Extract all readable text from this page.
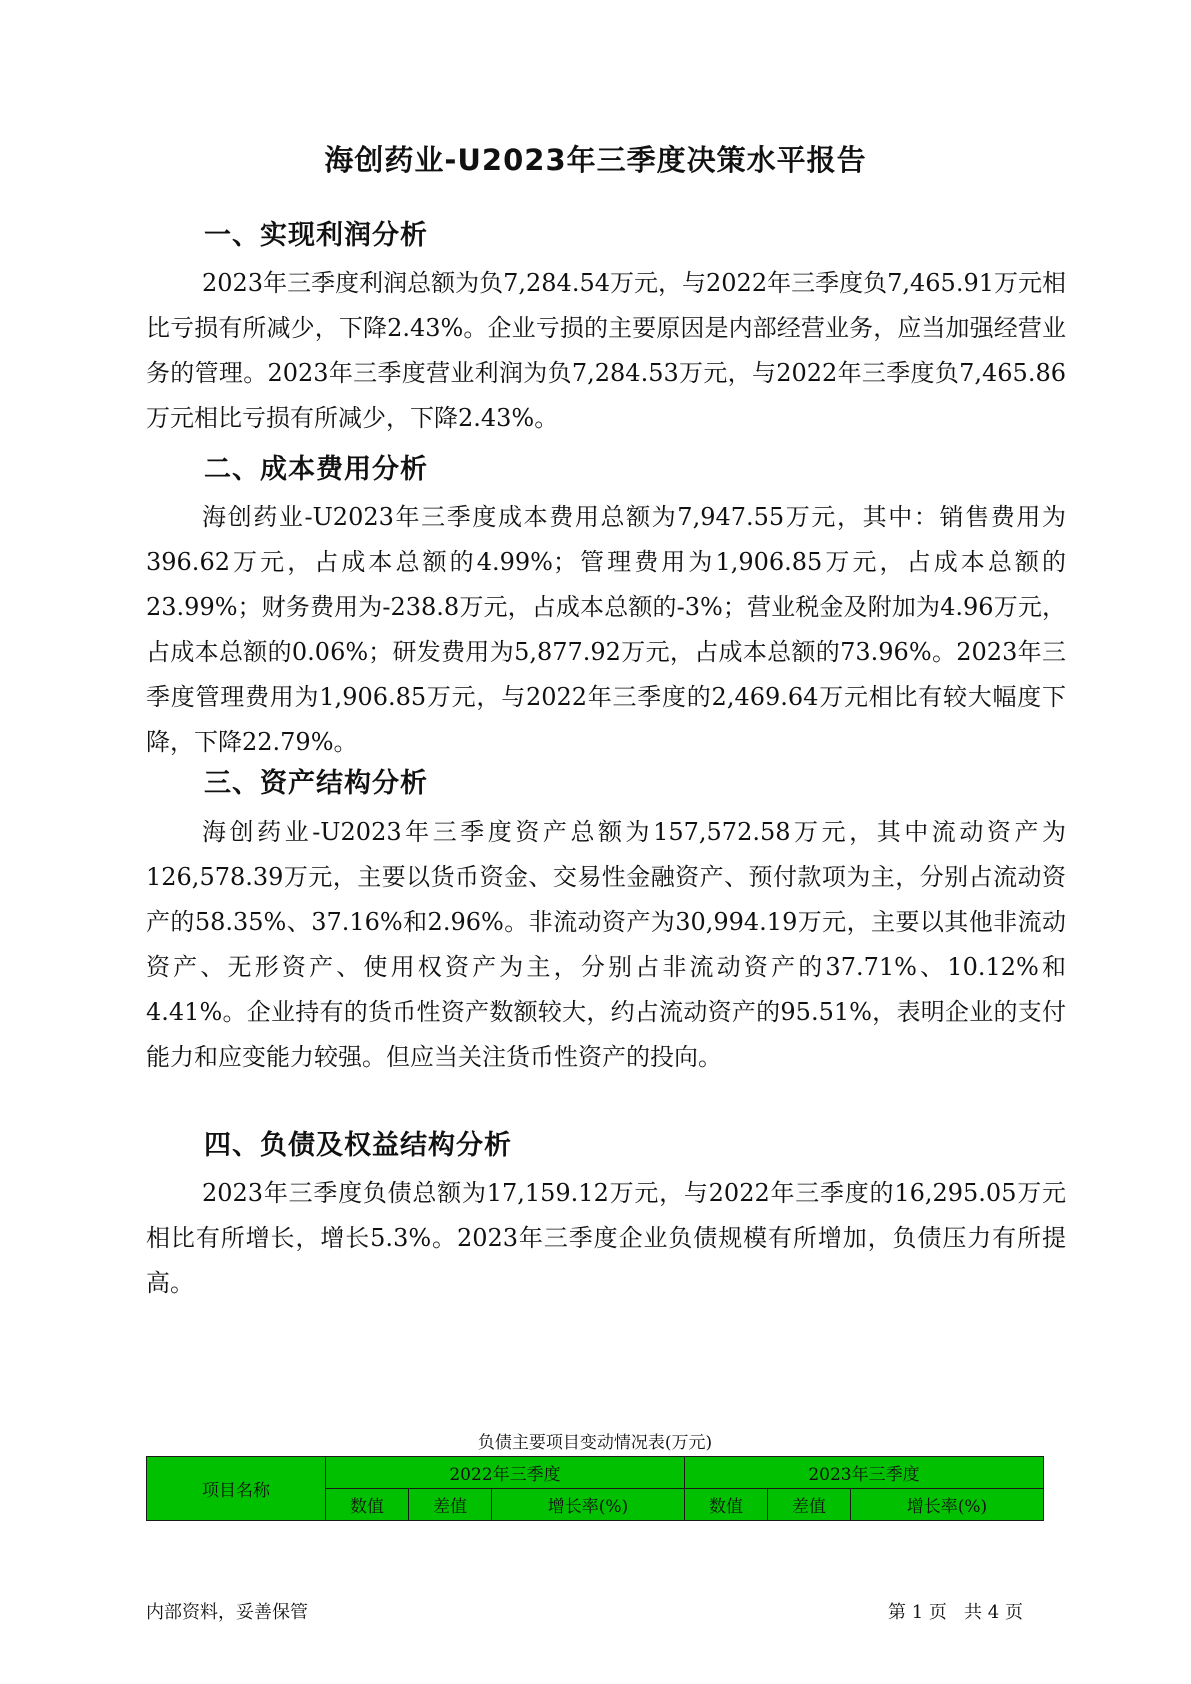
海创药业-U2023年三季度决策水平报告
一、实现利润分析
2023年三季度利润总额为负7,284.54万元，与2022年三季度负7,465.91万元相比亏损有所减少，下降2.43%。企业亏损的主要原因是内部经营业务，应当加强经营业务的管理。2023年三季度营业利润为负7,284.53万元，与2022年三季度负7,465.86万元相比亏损有所减少，下降2.43%。
二、成本费用分析
海创药业-U2023年三季度成本费用总额为7,947.55万元，其中：销售费用为396.62万元，占成本总额的4.99%；管理费用为1,906.85万元，占成本总额的23.99%；财务费用为-238.8万元，占成本总额的-3%；营业税金及附加为4.96万元，占成本总额的0.06%；研发费用为5,877.92万元，占成本总额的73.96%。2023年三季度管理费用为1,906.85万元，与2022年三季度的2,469.64万元相比有较大幅度下降，下降22.79%。
三、资产结构分析
海创药业-U2023年三季度资产总额为157,572.58万元，其中流动资产为126,578.39万元，主要以货币资金、交易性金融资产、预付款项为主，分别占流动资产的58.35%、37.16%和2.96%。非流动资产为30,994.19万元，主要以其他非流动资产、无形资产、使用权资产为主，分别占非流动资产的37.71%、10.12%和4.41%。企业持有的货币性资产数额较大，约占流动资产的95.51%，表明企业的支付能力和应变能力较强。但应当关注货币性资产的投向。
四、负债及权益结构分析
2023年三季度负债总额为17,159.12万元，与2022年三季度的16,295.05万元相比有所增长，增长5.3%。2023年三季度企业负债规模有所增加，负债压力有所提高。
负债主要项目变动情况表(万元)
项目名称	2022年三季度			2023年三季度		
	数值	差值	增长率(%)	数值	差值	增长率(%)
内部资料，妥善保管	第 1 页   共 4 页
